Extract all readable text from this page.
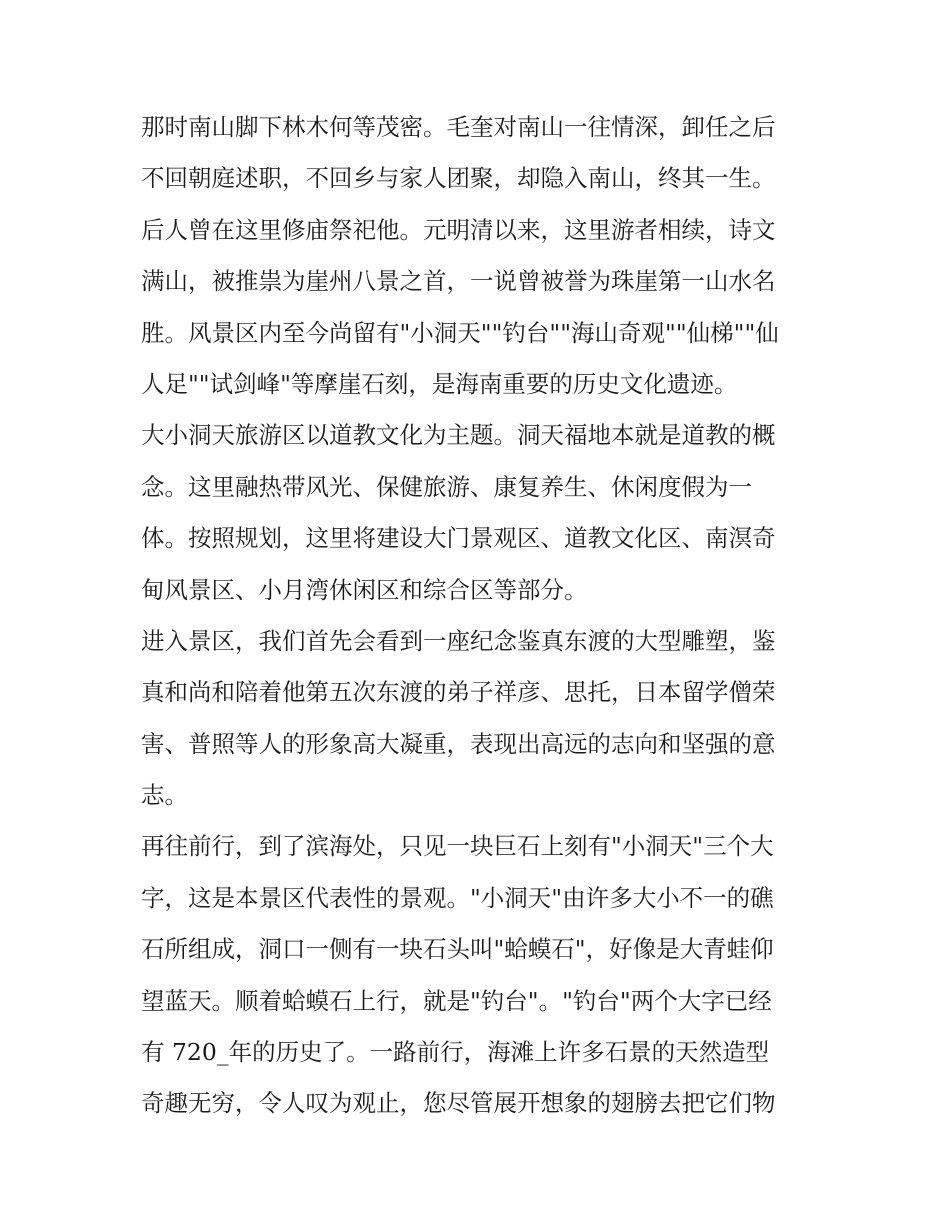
那时南山脚下林木何等茂密。毛奎对南山一往情深，卸任之后
不回朝庭述职，不回乡与家人团聚，却隐入南山，终其一生。
后人曾在这里修庙祭祀他。元明清以来，这里游者相续，诗文
满山，被推祟为崖州八景之首，一说曾被誉为珠崖第一山水名
胜。风景区内至今尚留有"小洞天""钓台""海山奇观""仙梯""仙
人足""试剑峰"等摩崖石刻，是海南重要的历史文化遗迹。
大小洞天旅游区以道教文化为主题。洞天福地本就是道教的概
念。这里融热带风光、保健旅游、康复养生、休闲度假为一
体。按照规划，这里将建设大门景观区、道教文化区、南溟奇
甸风景区、小月湾休闲区和综合区等部分。
进入景区，我们首先会看到一座纪念鉴真东渡的大型雕塑，鉴
真和尚和陪着他第五次东渡的弟子祥彦、思托，日本留学僧荣
害、普照等人的形象高大凝重，表现出高远的志向和坚强的意
志。
再往前行，到了滨海处，只见一块巨石上刻有"小洞天"三个大
字，这是本景区代表性的景观。"小洞天"由许多大小不一的礁
石所组成，洞口一侧有一块石头叫"蛤蟆石"，好像是大青蛙仰
望蓝天。顺着蛤蟆石上行，就是"钓台"。"钓台"两个大字已经
有 720_年的历史了。一路前行，海滩上许多石景的天然造型
奇趣无穷，令人叹为观止，您尽管展开想象的翅膀去把它们物
